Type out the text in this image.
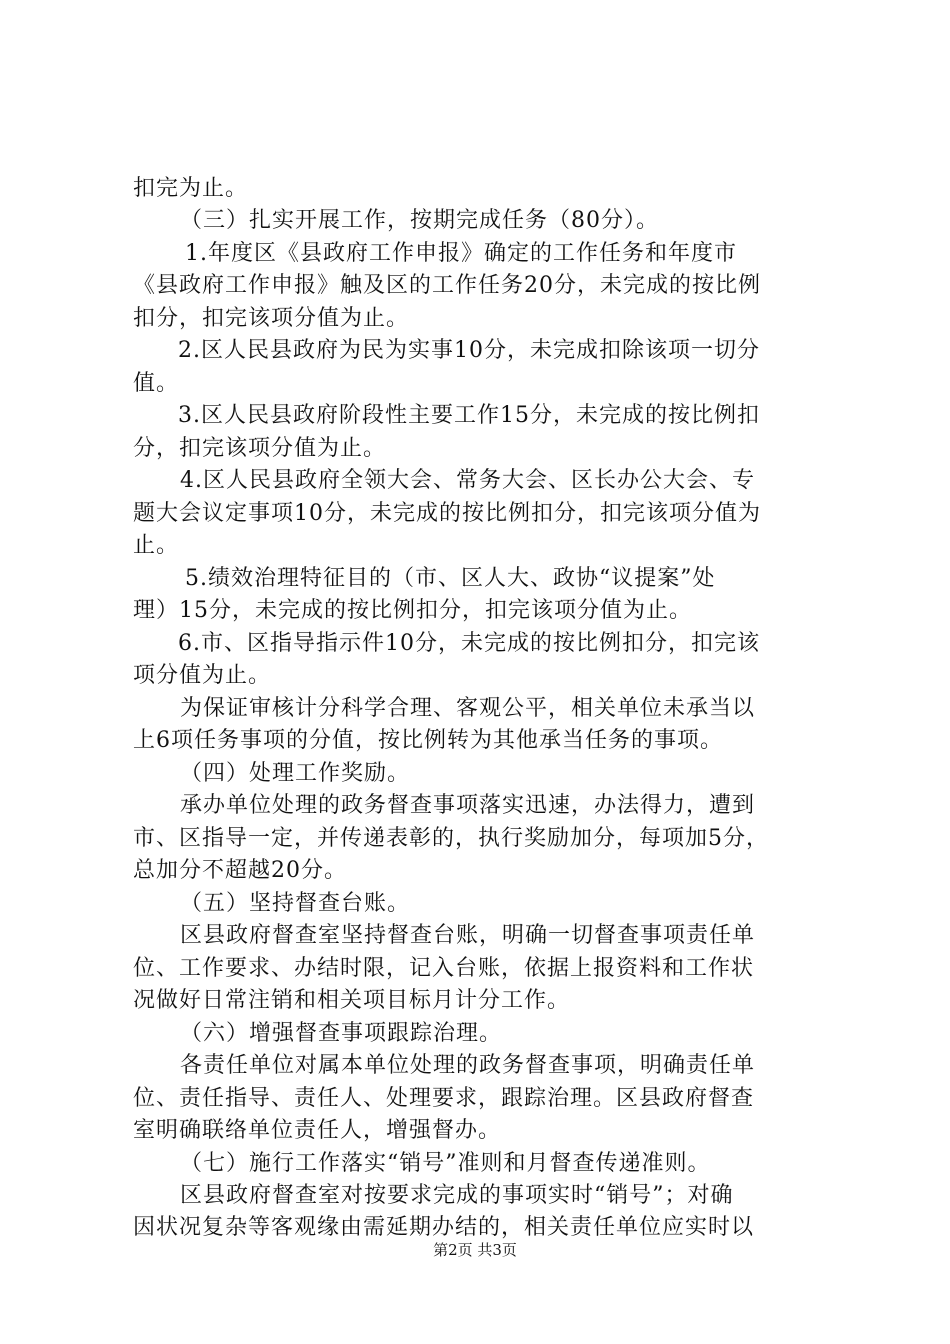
扣完为止。
（三）扎实开展工作，按期完成任务（80分）。
1.年度区《县政府工作申报》确定的工作任务和年度市
《县政府工作申报》触及区的工作任务20分，未完成的按比例
扣分，扣完该项分值为止。
2.区人民县政府为民为实事10分，未完成扣除该项一切分
值。
3.区人民县政府阶段性主要工作15分，未完成的按比例扣
分，扣完该项分值为止。
4.区人民县政府全领大会、常务大会、区长办公大会、专
题大会议定事项10分，未完成的按比例扣分，扣完该项分值为
止。
5.绩效治理特征目的（市、区人大、政协“议提案”处
理）15分，未完成的按比例扣分，扣完该项分值为止。
6.市、区指导指示件10分，未完成的按比例扣分，扣完该
项分值为止。
为保证审核计分科学合理、客观公平，相关单位未承当以
上6项任务事项的分值，按比例转为其他承当任务的事项。
（四）处理工作奖励。
承办单位处理的政务督查事项落实迅速，办法得力，遭到
市、区指导一定，并传递表彰的，执行奖励加分，每项加5分，
总加分不超越20分。
（五）坚持督查台账。
区县政府督查室坚持督查台账，明确一切督查事项责任单
位、工作要求、办结时限，记入台账，依据上报资料和工作状
况做好日常注销和相关项目标月计分工作。
（六）增强督查事项跟踪治理。
各责任单位对属本单位处理的政务督查事项，明确责任单
位、责任指导、责任人、处理要求，跟踪治理。区县政府督查
室明确联络单位责任人，增强督办。
（七）施行工作落实“销号”准则和月督查传递准则。
区县政府督查室对按要求完成的事项实时“销号”；对确
因状况复杂等客观缘由需延期办结的，相关责任单位应实时以
第2页 共3页
